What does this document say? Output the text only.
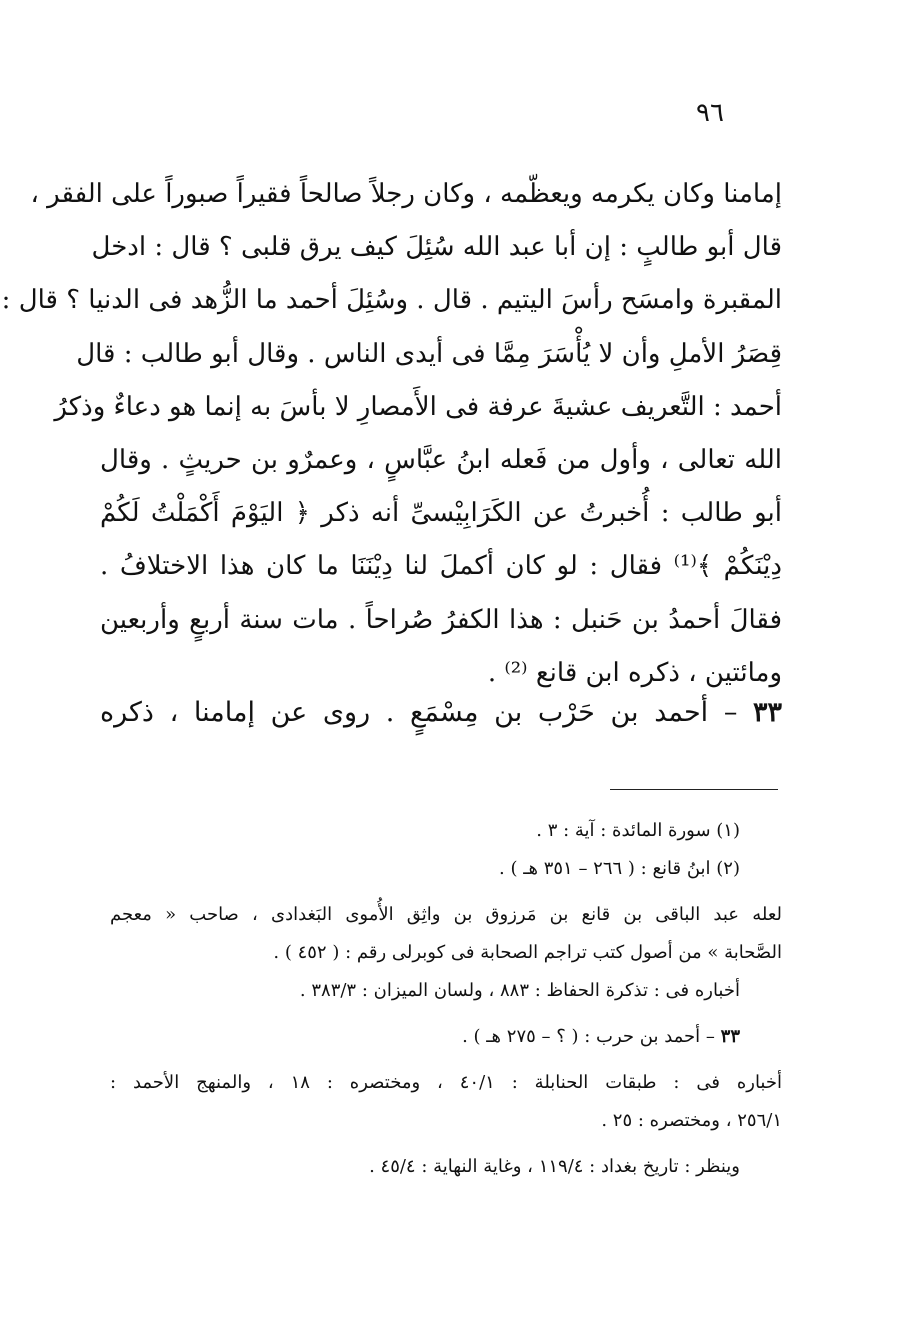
٩٦
إمامنا وكان يكرمه ويعظّمه ، وكان رجلاً صالحاً فقيراً صبوراً على الفقر ،
قال أبو طالبٍ : إن أبا عبد الله سُئِلَ كيف يرق قلبى ؟ قال : ادخل
المقبرة وامسَح رأسَ اليتيم . قال . وسُئِلَ أحمد ما الزُّهد فى الدنيا ؟ قال :
قِصَرُ الأملِ وأن لا يُأْسَرَ مِمَّا فى أيدى الناس . وقال أبو طالب : قال
أحمد : التَّعريف عشيةَ عرفة فى الأَمصارِ لا بأسَ به إنما هو دعاءٌ وذكرُ
الله تعالى ، وأول من فَعله ابنُ عبَّاسٍ ، وعمرٌو بن حريثٍ . وقال
أبو طالب : أُخبرتُ عن الكَرَابِيْسىِّ أنه ذكر ﴿ اليَوْمَ أَكْمَلْتُ لَكُمْ
دِيْنَكُمْ ﴾⁽¹⁾ فقال : لو كان أكملَ لنا دِيْنَنَا ما كان هذا الاختلافُ .
فقالَ أحمدُ بن حَنبل : هذا الكفرُ صُراحاً . مات سنة أربعٍ وأربعين
ومائتين ، ذكره ابن قانع ⁽²⁾ .
٣٣ – أحمد بن حَرْب بن مِسْمَعٍ . روى عن إمامنا ، ذكره
(١) سورة المائدة : آية : ٣ .
(٢) ابنُ قانع : ( ٢٦٦ – ٣٥١ هـ ) .
لعله عبد الباقى بن قانع بن مَرزوق بن واثِق الأُموى البَغدادى ، صاحب « معجم
الصَّحابة » من أصول كتب تراجم الصحابة فى كوبرلى رقم : ( ٤٥٢ ) .
أخباره فى : تذكرة الحفاظ : ٨٨٣ ، ولسان الميزان : ٣٨٣/٣ .
٣٣ – أحمد بن حرب : ( ؟ – ٢٧٥ هـ ) .
أخباره فى : طبقات الحنابلة : ٤٠/١ ، ومختصره : ١٨ ، والمنهج الأحمد :
٢٥٦/١ ، ومختصره : ٢٥ .
وينظر : تاريخ بغداد : ١١٩/٤ ، وغاية النهاية : ٤٥/٤ .
